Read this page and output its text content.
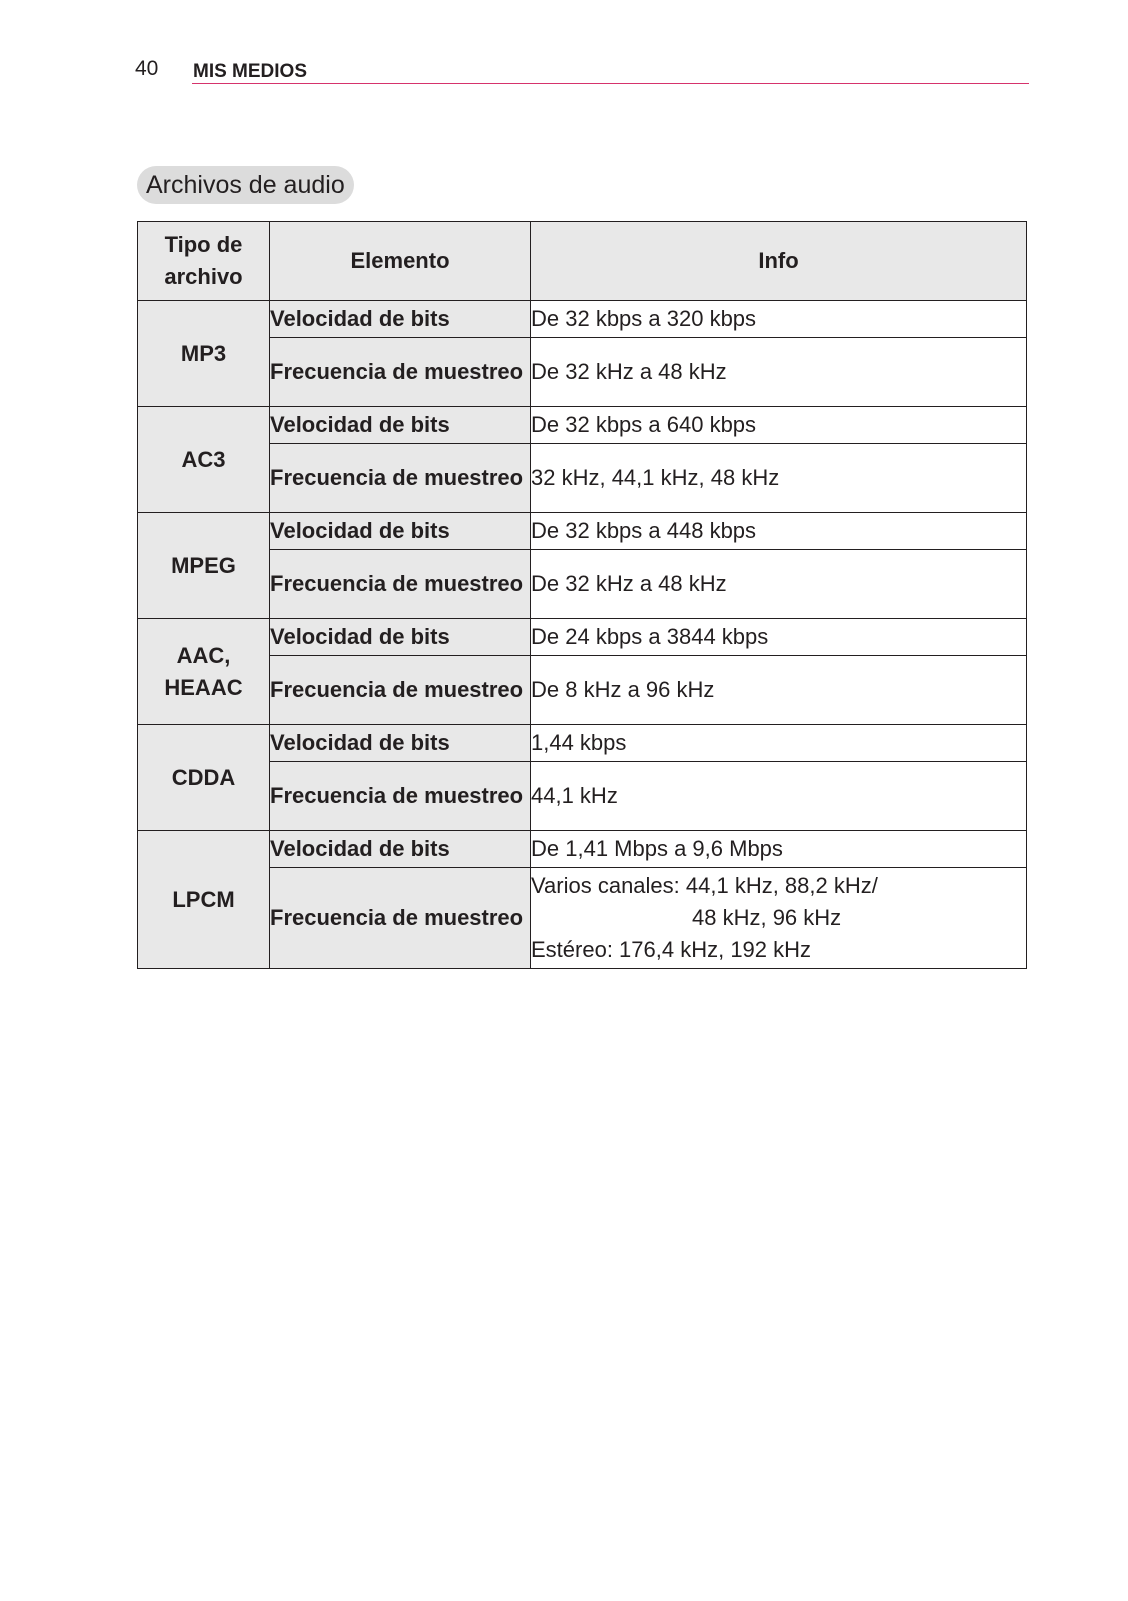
40 MIS MEDIOS
Archivos de audio
Tipo de archivo	Elemento	Info
MP3	Velocidad de bits	De 32 kbps a 320 kbps
	Frecuencia de muestreo	De 32 kHz a 48 kHz
AC3	Velocidad de bits	De 32 kbps a 640 kbps
	Frecuencia de muestreo	32 kHz, 44,1 kHz, 48 kHz
MPEG	Velocidad de bits	De 32 kbps a 448 kbps
	Frecuencia de muestreo	De 32 kHz a 48 kHz
AAC, HEAAC	Velocidad de bits	De 24 kbps a 3844 kbps
	Frecuencia de muestreo	De 8 kHz a 96 kHz
CDDA	Velocidad de bits	1,44 kbps
	Frecuencia de muestreo	44,1 kHz
LPCM	Velocidad de bits	De 1,41 Mbps a 9,6 Mbps
	Frecuencia de muestreo	Varios canales: 44,1 kHz, 88,2 kHz/
48 kHz, 96 kHz
Estéreo: 176,4 kHz, 192 kHz
